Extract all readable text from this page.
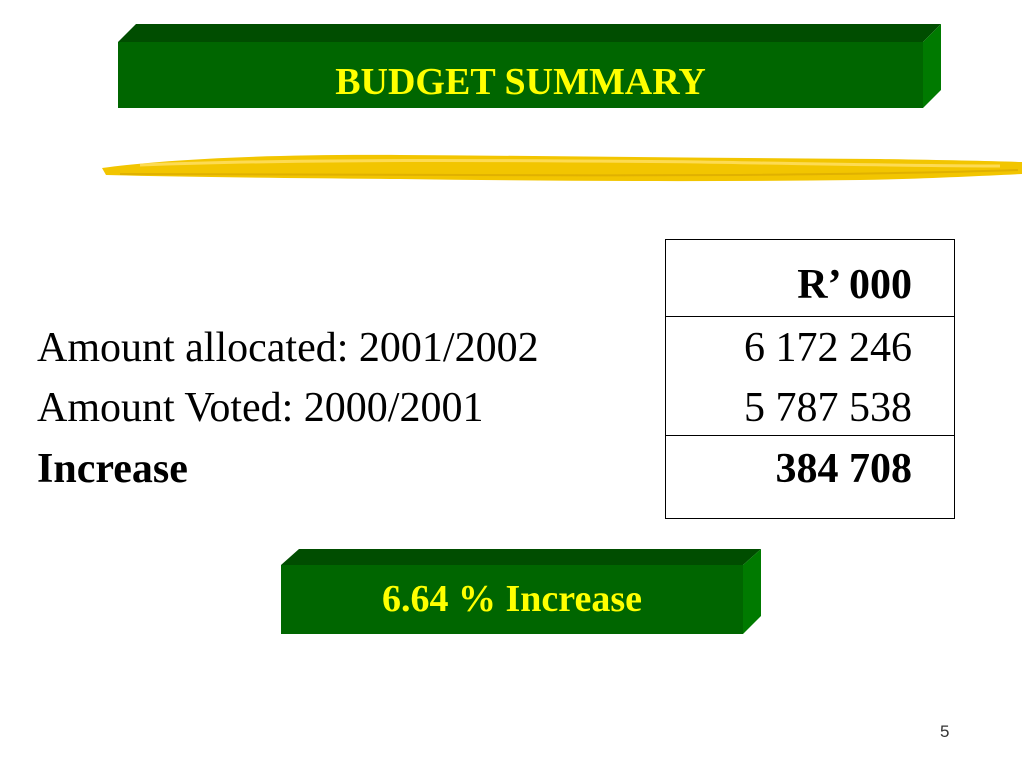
BUDGET SUMMARY
R’ 000
Amount allocated: 2001/2002	6 172 246
Amount Voted: 2000/2001	5 787 538
Increase	384 708
6.64 % Increase
5
